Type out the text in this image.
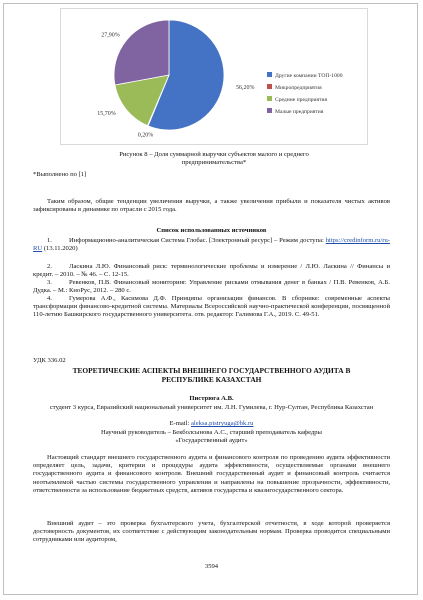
56,20%
0,20%
15,70%
27,90%
Другие компании ТОП-1000
Микропредприятия
Средние предприятия
Малые предприятия

Рисунок 8 – Доля суммарной выручки субъектов малого и среднего
предпринимательства*

*Выполнено по [1]

Таким образом, общие тенденции увеличения выручки, а также увеличения прибыли и показателя чистых активов зафиксированы в динамике по отрасли с 2015 года.

Список использованных источников

1.	Информационно-аналитическая Система Глобас. [Электронный ресурс] – Режим доступа: https://credinform.ru/ru-RU (13.11.2020)

2.	Ласкина Л.Ю. Финансовый риск: терминологические проблемы и измерение / Л.Ю. Ласкина // Финансы и кредит. – 2010. – № 46. – С. 12-15.

3.	Ревенков, П.В. Финансовый мониторинг. Управление рисками отмывания денег в банках / П.В. Ревенков, А.Б. Дудка. – М.: КноРус, 2012. – 280 с.

4.	Гумерова А.Ф., Касимова Д.Ф. Принципы организации финансов. В сборнике: современные аспекты трансформации финансово-кредитной системы. Материалы Всероссийской научно-практической конференции, посвященной 110-летию Башкирского государственного университета. отв. редактор: Галимова Г.А., 2019. С. 49-51.

УДК 336.02

ТЕОРЕТИЧЕСКИЕ АСПЕКТЫ ВНЕШНЕГО ГОСУДАРСТВЕННОГО АУДИТА В
РЕСПУБЛИКЕ КАЗАХСТАН

Пистрюга А.В.

студент 3 курса, Евразийский национальный университет им. Л.Н. Гумилева, г. Нур-Султан, Республика Казахстан

E-mail: aleksa.pistryuga@bk.ru

Научный руководитель – Бекболсынова А.С., старший преподаватель кафедры
«Государственный аудит»

Настоящий стандарт внешнего государственного аудита и финансового контроля по проведению аудита эффективности определяет цель, задачи, критерии и процедуры аудита эффективности, осуществляемые органами внешнего государственного аудита и финансового контроля. Внешний государственный аудит и финансовый контроль считается неотъемлемой частью системы государственного управления и направлены на повышение прозрачности, эффективности, ответственности за использование бюджетных средств, активов государства и квазигосударственного сектора.

Внешний аудит – это проверка бухгалтерского учета, бухгалтерской отчетности, в ходе которой проверяется достоверность документов, их соответствие с действующим законодательным нормам. Проверка проводится специальными сотрудниками или аудитором,

3594
